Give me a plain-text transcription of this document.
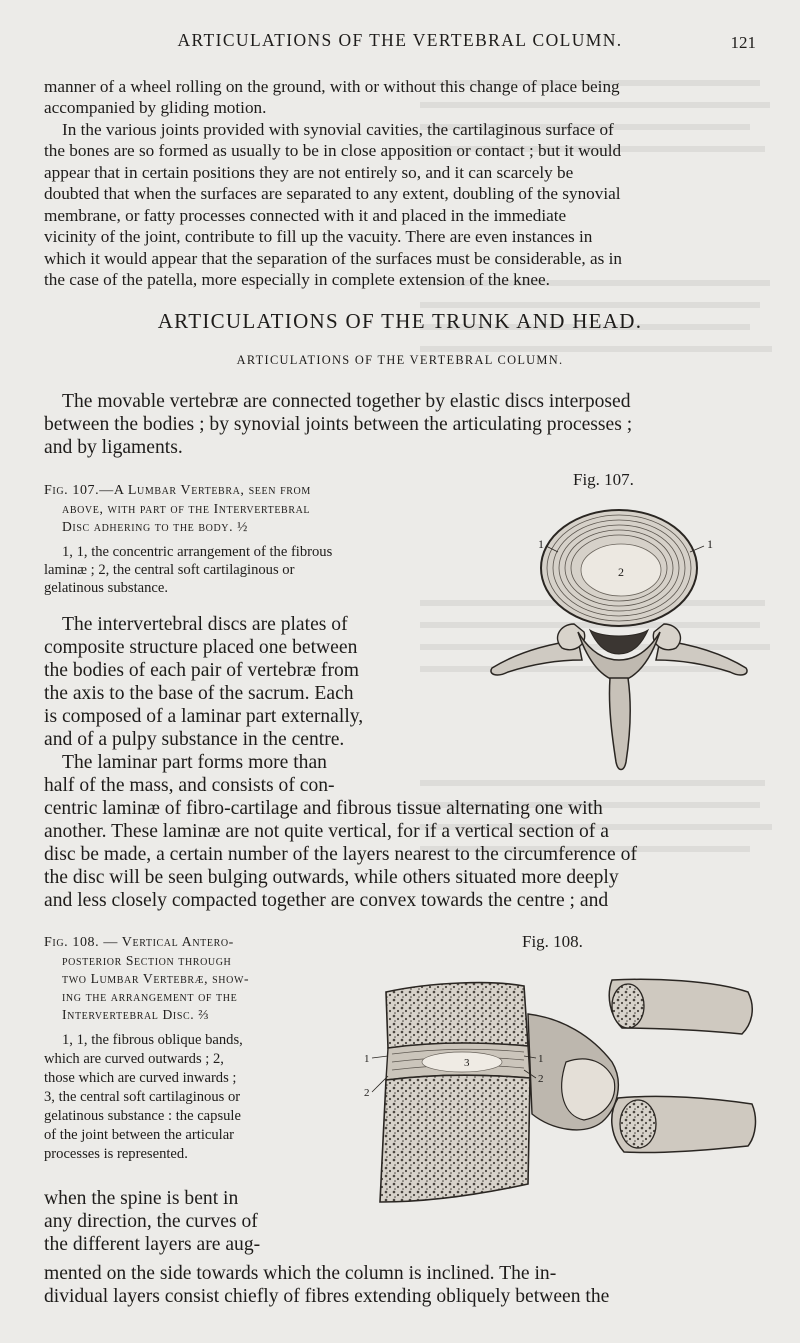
ARTICULATIONS OF THE VERTEBRAL COLUMN.	121
manner of a wheel rolling on the ground, with or without this change of place being
accompanied by gliding motion.
In the various joints provided with synovial cavities, the cartilaginous surface of
the bones are so formed as usually to be in close apposition or contact ; but it would
appear that in certain positions they are not entirely so, and it can scarcely be
doubted that when the surfaces are separated to any extent, doubling of the synovial
membrane, or fatty processes connected with it and placed in the immediate
vicinity of the joint, contribute to fill up the vacuity. There are even instances in
which it would appear that the separation of the surfaces must be considerable, as in
the case of the patella, more especially in complete extension of the knee.
ARTICULATIONS OF THE TRUNK AND HEAD.
ARTICULATIONS OF THE VERTEBRAL COLUMN.
The movable vertebræ are connected together by elastic discs interposed
between the bodies ; by synovial joints between the articulating processes ;
and by ligaments.
Fig. 107.—A Lumbar Vertebra, seen from
above, with part of the Intervertebral
Disc adhering to the body. ½
1, 1, the concentric arrangement of the fibrous
laminæ ; 2, the central soft cartilaginous or
gelatinous substance.
Fig. 107.
2
1	1
The intervertebral discs are plates of
composite structure placed one between
the bodies of each pair of vertebræ from
the axis to the base of the sacrum. Each
is composed of a laminar part externally,
and of a pulpy substance in the centre.
The laminar part forms more than
half of the mass, and consists of con-
centric laminæ of fibro-cartilage and fibrous tissue alternating one with
another. These laminæ are not quite vertical, for if a vertical section of a
disc be made, a certain number of the layers nearest to the circumference of
the disc will be seen bulging outwards, while others situated more deeply
and less closely compacted together are convex towards the centre ; and
Fig. 108. — Vertical Antero-
posterior Section through
two Lumbar Vertebræ, show-
ing the arrangement of the
Intervertebral Disc. ⅔
1, 1, the fibrous oblique bands,
which are curved outwards ; 2,
those which are curved inwards ;
3, the central soft cartilaginous or
gelatinous substance : the capsule
of the joint between the articular
processes is represented.
Fig. 108.
3
1
2
1
2
when the spine is bent in
any direction, the curves of
the different layers are aug-
mented on the side towards which the column is inclined. The in-
dividual layers consist chiefly of fibres extending obliquely between the
